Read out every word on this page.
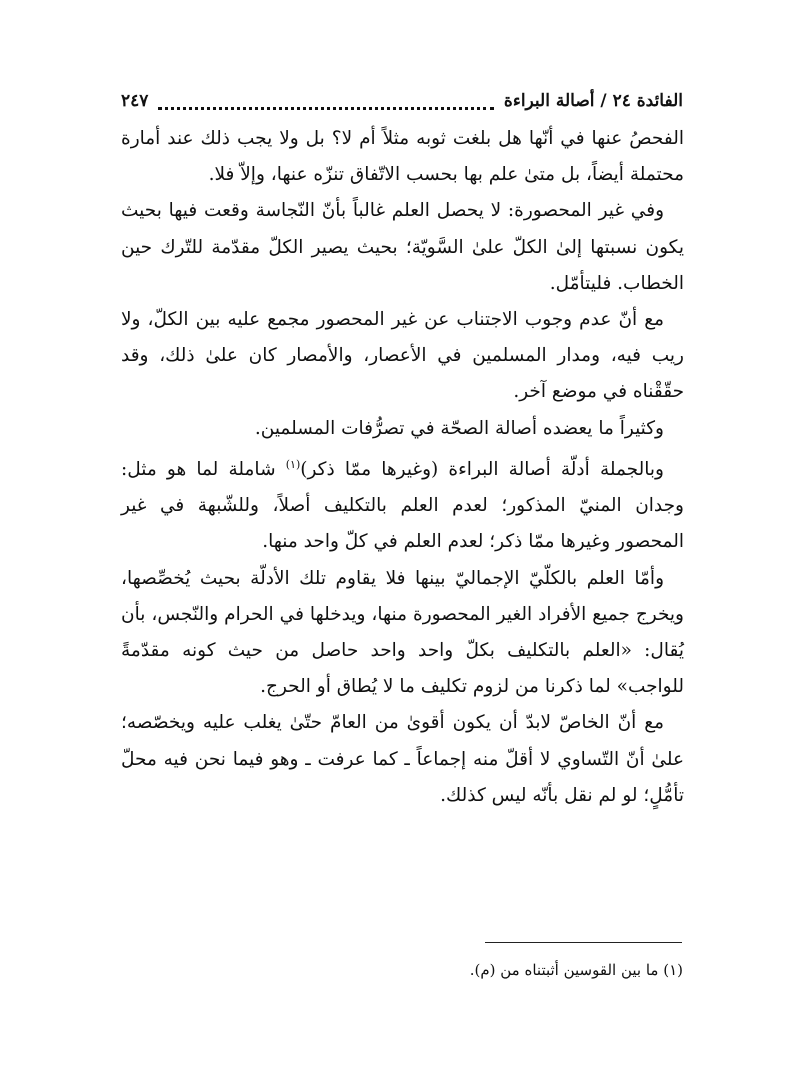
الفائدة ٢٤ / أصالة البراءة
٢٤٧

الفحصُ عنها في أنّها هل بلغت ثوبه مثلاً أم لا؟ بل ولا يجب ذلك عند أمارة محتملة أيضاً، بل متىٰ علم بها بحسب الاتّفاق تنزّه عنها، وإلاّ فلا.

وفي غير المحصورة: لا يحصل العلم غالباً بأنّ النّجاسة وقعت فيها بحيث يكون نسبتها إلىٰ الكلّ علىٰ السَّويّة؛ بحيث يصير الكلّ مقدّمة للتّرك حين الخطاب. فليتأمّل.

مع أنّ عدم وجوب الاجتناب عن غير المحصور مجمع عليه بين الكلّ، ولا ريب فيه، ومدار المسلمين في الأعصار، والأمصار كان علىٰ ذلك، وقد حقّقْناه في موضع آخر.

وكثيراً ما يعضده أصالة الصحّة في تصرُّفات المسلمين.

وبالجملة أدلّة أصالة البراءة (وغيرها ممّا ذكر)$^{(١)}$ شاملة لما هو مثل: وجدان المنيّ المذكور؛ لعدم العلم بالتكليف أصلاً، وللشّبهة في غير المحصور وغيرها ممّا ذكر؛ لعدم العلم في كلّ واحد منها.

وأمّا العلم بالكلّيّ الإجماليّ بينها فلا يقاوم تلك الأدلّة بحيث يُخصِّصها، ويخرج جميع الأفراد الغير المحصورة منها، ويدخلها في الحرام والنّجس، بأن يُقال: «العلم بالتكليف بكلّ واحد واحد حاصل من حيث كونه مقدّمةً للواجب» لما ذكرنا من لزوم تكليف ما لا يُطاق أو الحرج.

مع أنّ الخاصّ لابدّ أن يكون أقوىٰ من العامّ حتّىٰ يغلب عليه ويخصّصه؛ علىٰ أنّ التّساوي لا أقلّ منه إجماعاً ـ كما عرفت ـ وهو فيما نحن فيه محلّ تأمُّلٍ؛ لو لم نقل بأنّه ليس كذلك.

(١) ما بين القوسين أثبتناه من (م).
